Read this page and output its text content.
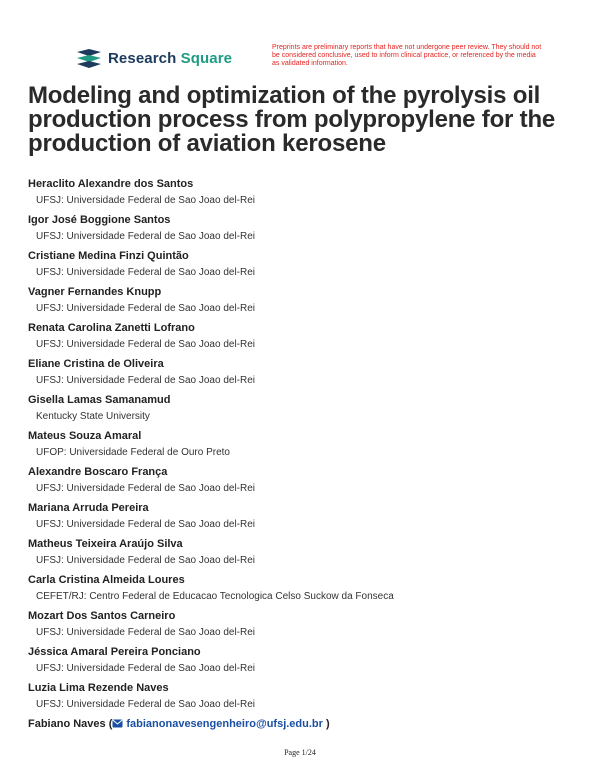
Research Square
Preprints are preliminary reports that have not undergone peer review. They should not be considered conclusive, used to inform clinical practice, or referenced by the media as validated information.
Modeling and optimization of the pyrolysis oil production process from polypropylene for the production of aviation kerosene
Heraclito Alexandre dos Santos
UFSJ: Universidade Federal de Sao Joao del-Rei
Igor José Boggione Santos
UFSJ: Universidade Federal de Sao Joao del-Rei
Cristiane Medina Finzi Quintão
UFSJ: Universidade Federal de Sao Joao del-Rei
Vagner Fernandes Knupp
UFSJ: Universidade Federal de Sao Joao del-Rei
Renata Carolina Zanetti Lofrano
UFSJ: Universidade Federal de Sao Joao del-Rei
Eliane Cristina de Oliveira
UFSJ: Universidade Federal de Sao Joao del-Rei
Gisella Lamas Samanamud
Kentucky State University
Mateus Souza Amaral
UFOP: Universidade Federal de Ouro Preto
Alexandre Boscaro França
UFSJ: Universidade Federal de Sao Joao del-Rei
Mariana Arruda Pereira
UFSJ: Universidade Federal de Sao Joao del-Rei
Matheus Teixeira Araújo Silva
UFSJ: Universidade Federal de Sao Joao del-Rei
Carla Cristina Almeida Loures
CEFET/RJ: Centro Federal de Educacao Tecnologica Celso Suckow da Fonseca
Mozart Dos Santos Carneiro
UFSJ: Universidade Federal de Sao Joao del-Rei
Jéssica Amaral Pereira Ponciano
UFSJ: Universidade Federal de Sao Joao del-Rei
Luzia Lima Rezende Naves
UFSJ: Universidade Federal de Sao Joao del-Rei
Fabiano Naves ( fabianonavesengenheiro@ufsj.edu.br )
Page 1/24
